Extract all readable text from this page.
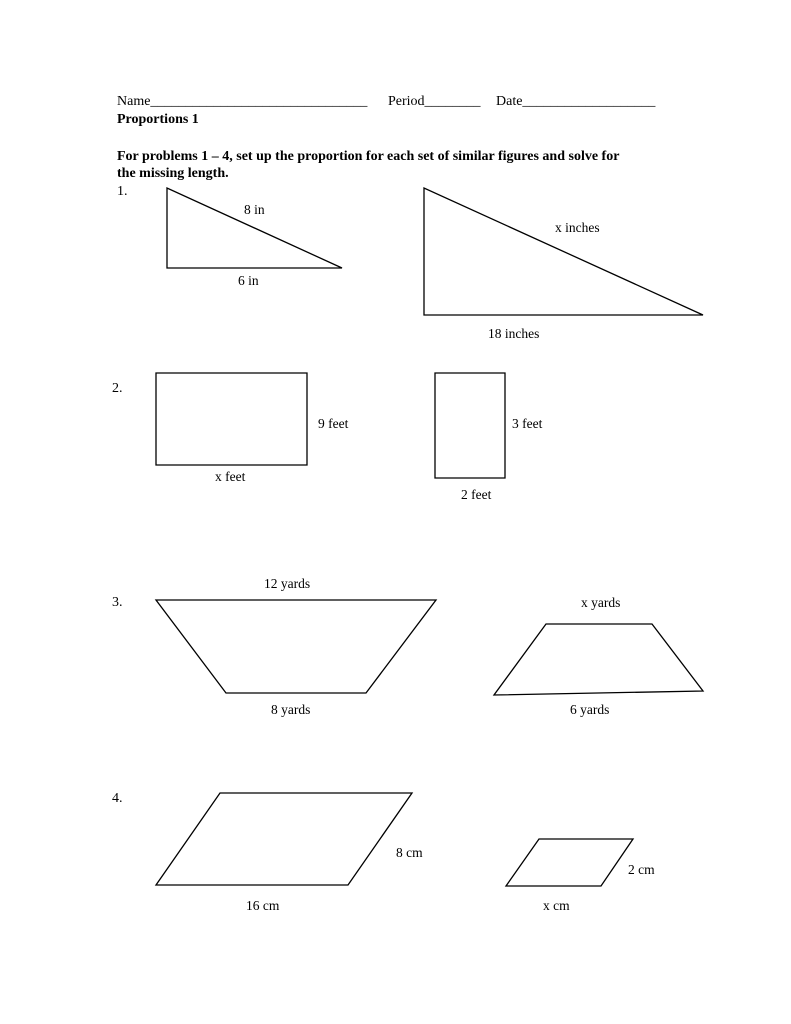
Name_______________________________ Period________ Date___________________
Proportions 1
For problems 1 – 4, set up the proportion for each set of similar figures and solve for
the missing length.
1.
8 in
6 in
x inches
18 inches
2.
9 feet
x feet
3 feet
2 feet
3.
12 yards
8 yards
x yards
6 yards
4.
8 cm
16 cm
2 cm
x cm
